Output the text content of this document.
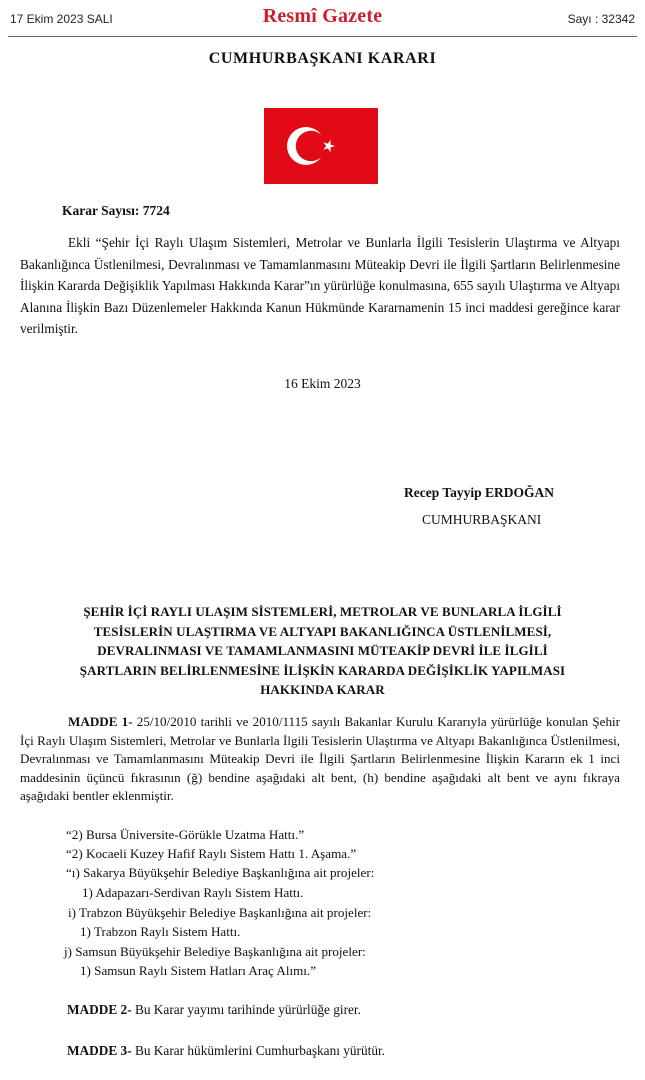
17 Ekim 2023 SALI	Resmî Gazete	Sayı : 32342
CUMHURBAŞKANI KARARI
Karar Sayısı: 7724

Ekli “Şehir İçi Raylı Ulaşım Sistemleri, Metrolar ve Bunlarla İlgili Tesislerin Ulaştırma ve Altyapı Bakanlığınca Üstlenilmesi, Devralınması ve Tamamlanmasını Müteakip Devri ile İlgili Şartların Belirlenmesine İlişkin Kararda Değişiklik Yapılması Hakkında Karar”ın yürürlüğe konulmasına, 655 sayılı Ulaştırma ve Altyapı Alanına İlişkin Bazı Düzenlemeler Hakkında Kanun Hükmünde Kararnamenin 15 inci maddesi gereğince karar verilmiştir.

16 Ekim 2023
Recep Tayyip ERDOĞAN
CUMHURBAŞKANI
ŞEHİR İÇİ RAYLI ULAŞIM SİSTEMLERİ, METROLAR VE BUNLARLA İLGİLİ
TESİSLERİN ULAŞTIRMA VE ALTYAPI BAKANLIĞINCA ÜSTLENİLMESİ,
DEVRALINMASI VE TAMAMLANMASINI MÜTEAKİP DEVRİ İLE İLGİLİ
ŞARTLARIN BELİRLENMESİNE İLİŞKİN KARARDA DEĞİŞİKLİK YAPILMASI
HAKKINDA KARAR

MADDE 1- 25/10/2010 tarihli ve 2010/1115 sayılı Bakanlar Kurulu Kararıyla yürürlüğe konulan Şehir İçi Raylı Ulaşım Sistemleri, Metrolar ve Bunlarla İlgili Tesislerin Ulaştırma ve Altyapı Bakanlığınca Üstlenilmesi, Devralınması ve Tamamlanmasını Müteakip Devri ile İlgili Şartların Belirlenmesine İlişkin Kararın ek 1 inci maddesinin üçüncü fıkrasının (ğ) bendine aşağıdaki alt bent, (h) bendine aşağıdaki alt bent ve aynı fıkraya aşağıdaki bentler eklenmiştir.

“2) Bursa Üniversite-Görükle Uzatma Hattı.”
“2) Kocaeli Kuzey Hafif Raylı Sistem Hattı 1. Aşama.”
“ı) Sakarya Büyükşehir Belediye Başkanlığına ait projeler:
1) Adapazarı-Serdivan Raylı Sistem Hattı.
i) Trabzon Büyükşehir Belediye Başkanlığına ait projeler:
1) Trabzon Raylı Sistem Hattı.
j) Samsun Büyükşehir Belediye Başkanlığına ait projeler:
1) Samsun Raylı Sistem Hatları Araç Alımı.”
MADDE 2- Bu Karar yayımı tarihinde yürürlüğe girer.
MADDE 3- Bu Karar hükümlerini Cumhurbaşkanı yürütür.
